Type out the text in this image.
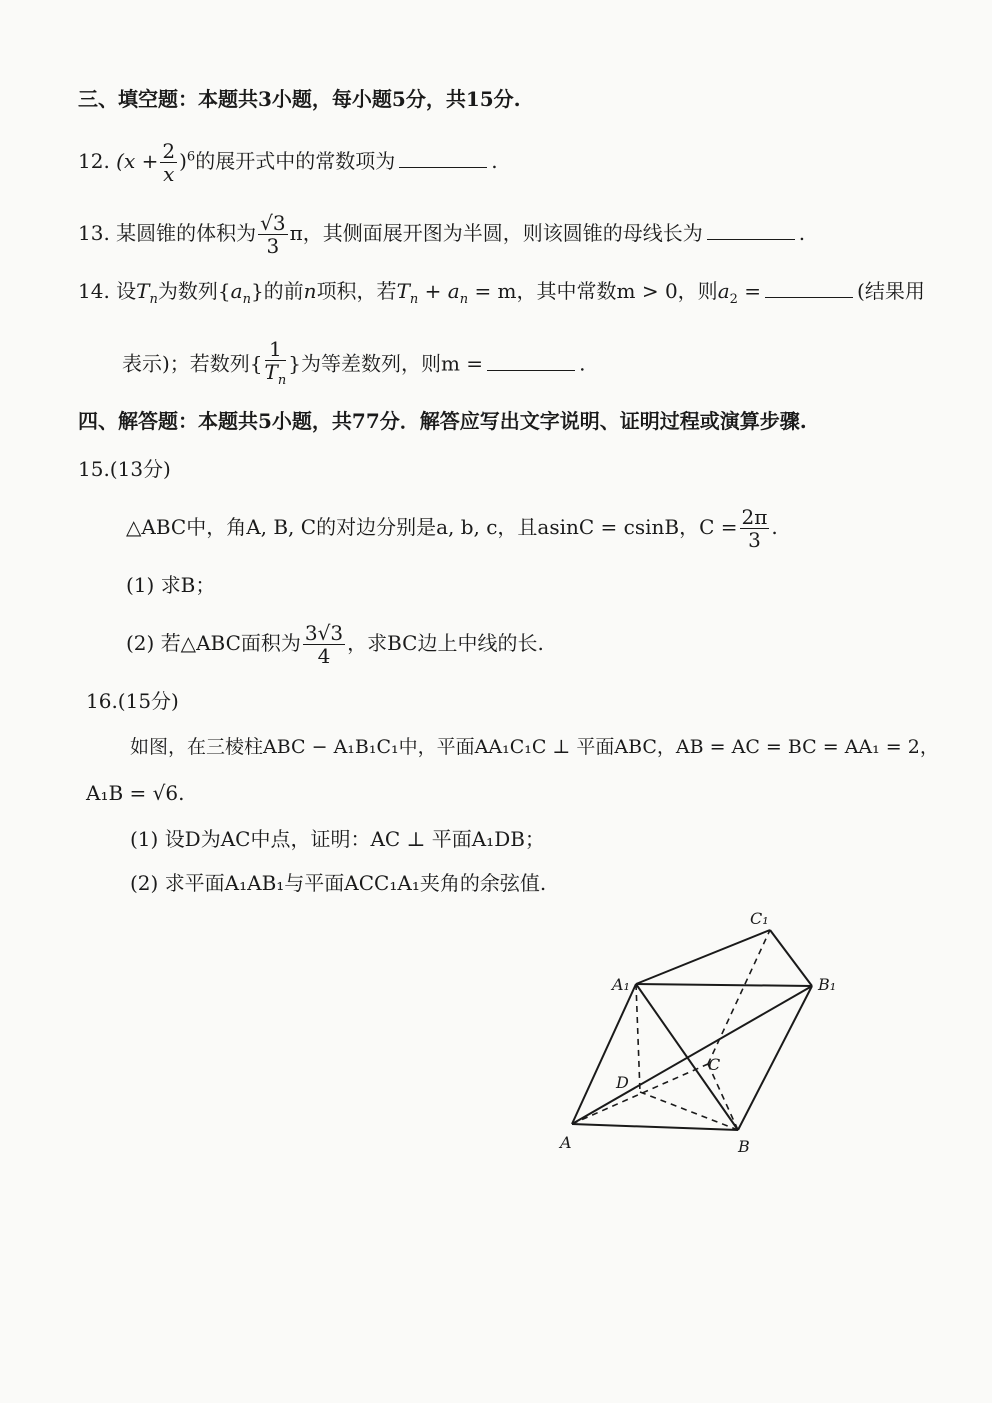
三、填空题：本题共3小题，每小题5分，共15分.
12. $(x + \frac{2}{x} )^6$的展开式中的常数项为	.
13. 某圆锥的体积为 $\frac{√3}{3}$ π，其侧面展开图为半圆，则该圆锥的母线长为	.
14. 设$T_n$为数列$\{a_n\}$的前n项积，若$T_n + a_n = m$，其中常数m > 0，则$a_2$ =	(结果用
表示)；若数列{ $\frac{1}{T_n}$ }为等差数列，则m =	.
四、解答题：本题共5小题，共77分．解答应写出文字说明、证明过程或演算步骤.
15.(13分)
△ABC中，角A, B, C的对边分别是a, b, c，且asinC = csinB，$C = \frac{2\pi}{3}$ .
(1) 求B；
(2) 若△ABC面积为 $\frac{3√3}{4}$ ，求BC边上中线的长.
16.(15分)
如图，在三棱柱ABC − A₁B₁C₁中，平面AA₁C₁C ⊥ 平面ABC，AB = AC = BC = AA₁ = 2，
A₁B = √6.
(1) 设D为AC中点，证明：AC ⊥ 平面A₁DB；
(2) 求平面A₁AB₁与平面ACC₁A₁夹角的余弦值.
A	B
C
D
A₁	B₁
C₁
